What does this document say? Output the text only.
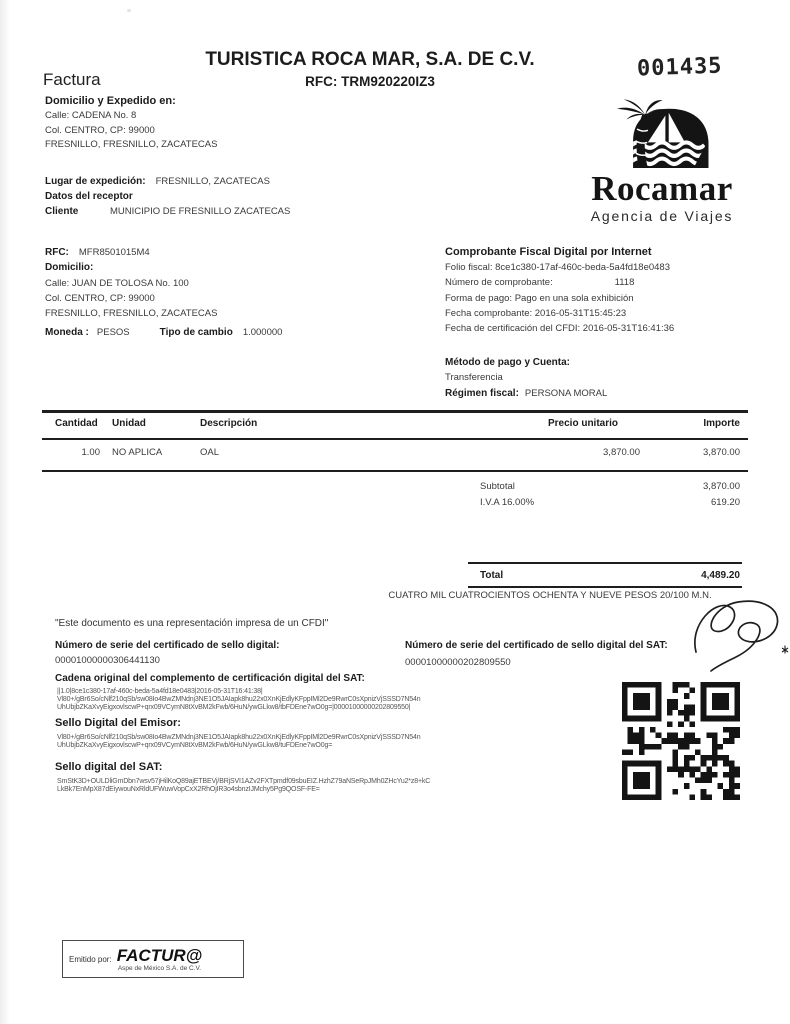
TURISTICA ROCA MAR, S.A. DE C.V.
RFC: TRM920220IZ3
Factura	001435
Domicilio y Expedido en:
Calle: CADENA No. 8
Col. CENTRO, CP: 99000
FRESNILLO, FRESNILLO, ZACATECAS
Rocamar
Agencia de Viajes
Lugar de expedición: FRESNILLO, ZACATECAS
Datos del receptor
Cliente	MUNICIPIO DE FRESNILLO ZACATECAS
RFC: MFR8501015M4
Domicilio:
Calle: JUAN DE TOLOSA No. 100
Col. CENTRO, CP: 99000
FRESNILLO, FRESNILLO, ZACATECAS
Moneda : PESOS	Tipo de cambio 1.000000
Comprobante Fiscal Digital por Internet
Folio fiscal: 8ce1c380-17af-460c-beda-5a4fd18e0483
Número de comprobante:	1118
Forma de pago: Pago en una sola exhibición
Fecha comprobante: 2016-05-31T15:45:23
Fecha de certificación del CFDI: 2016-05-31T16:41:36
Método de pago y Cuenta:
Transferencia
Régimen fiscal: PERSONA MORAL
Cantidad Unidad	Descripción	Precio unitario	Importe
1.00 NO APLICA	OAL	3,870.00	3,870.00
Subtotal	3,870.00
I.V.A 16.00%	619.20
Total	4,489.20
CUATRO MIL CUATROCIENTOS OCHENTA Y NUEVE PESOS 20/100 M.N.
"Este documento es una representación impresa de un CFDI"
Número de serie del certificado de sello digital:
00001000000306441130
Número de serie del certificado de sello digital del SAT:
00001000000202809550
Cadena original del complemento de certificación digital del SAT:
||1.0|8ce1c380-17af-460c-beda-5a4fd18e0483|2016-05-31T16:41:38|
Vl80+/gBr6So/cNlf210qSb/sw08Io4BwZMNdnj3NE1O5JAIapk8hu22x0XnKjEdlyKFppIMl2De9RwrC0sXpnizVjSSSD7N54n
UhUbjbZKaXvyEigxovlscwP+qrx09VCymN8tXvBM2kFwb/6HuN/ywGLkw8/tbFDEne7wO0g=|00001000000202809550|
Sello Digital del Emisor:
Vl80+/gBr6So/cNlf210qSb/sw08Io4BwZMNdnj3NE1O5JAIapk8hu22x0XnKjEdlyKFppIMl2De9RwrC0sXpnizVjSSSD7N54n
UhUbjbZKaXvyEigxovlscwP+qrx09VCymN8tXvBM2kFwb/6HuN/ywGLkw8/tuFDEne7wO0g=
Sello digital del SAT:
SmStK3D+OULDliGmDbn7wsv57jHilKoQ89ajETBEVj/BRjSVI1AZv2FXTpmdf09sbuEIZ.HzhZ79aNSeRpJMh0ZHcYu2*z8+kC
LkBk7EnMpX87dEiywouNxRldUFWuwVopCxX2RhOjIR3o4sbnzIJMchy5Pg9QOSF-FE=
Emitido por: FACTUR@
Aspe de México S.A. de C.V.
